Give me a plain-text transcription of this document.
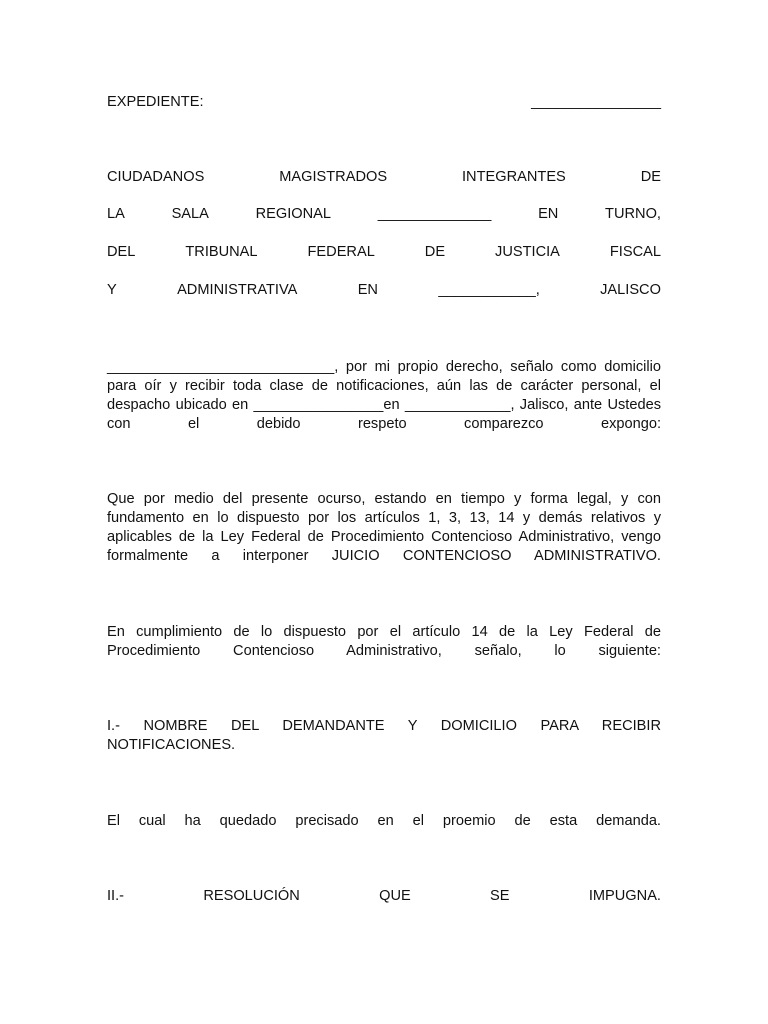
EXPEDIENTE:	________________
CIUDADANOS	MAGISTRADOS	INTEGRANTES	DE
LA	SALA	REGIONAL	______________	EN	TURNO,
DEL	TRIBUNAL	FEDERAL	DE	JUSTICIA	FISCAL
Y	ADMINISTRATIVA	EN	____________,	JALISCO
____________________________, por mi propio derecho, señalo como domicilio
para oír y recibir toda clase de notificaciones, aún las de carácter personal, el
despacho ubicado en ________________en _____________, Jalisco, ante Ustedes
con el debido respeto comparezco expongo:
Que por medio del presente ocurso, estando en tiempo y forma legal, y con
fundamento en lo dispuesto por los artículos 1, 3, 13, 14 y demás relativos y
aplicables de la Ley Federal de Procedimiento Contencioso Administrativo, vengo
formalmente a interponer JUICIO CONTENCIOSO ADMINISTRATIVO.
En cumplimiento de lo dispuesto por el artículo 14 de la Ley Federal de
Procedimiento Contencioso Administrativo, señalo, lo siguiente:
I.- NOMBRE DEL DEMANDANTE Y DOMICILIO PARA RECIBIR
NOTIFICACIONES.
El cual ha quedado precisado en el proemio de esta demanda.
II.-	RESOLUCIÓN	QUE	SE	IMPUGNA.
